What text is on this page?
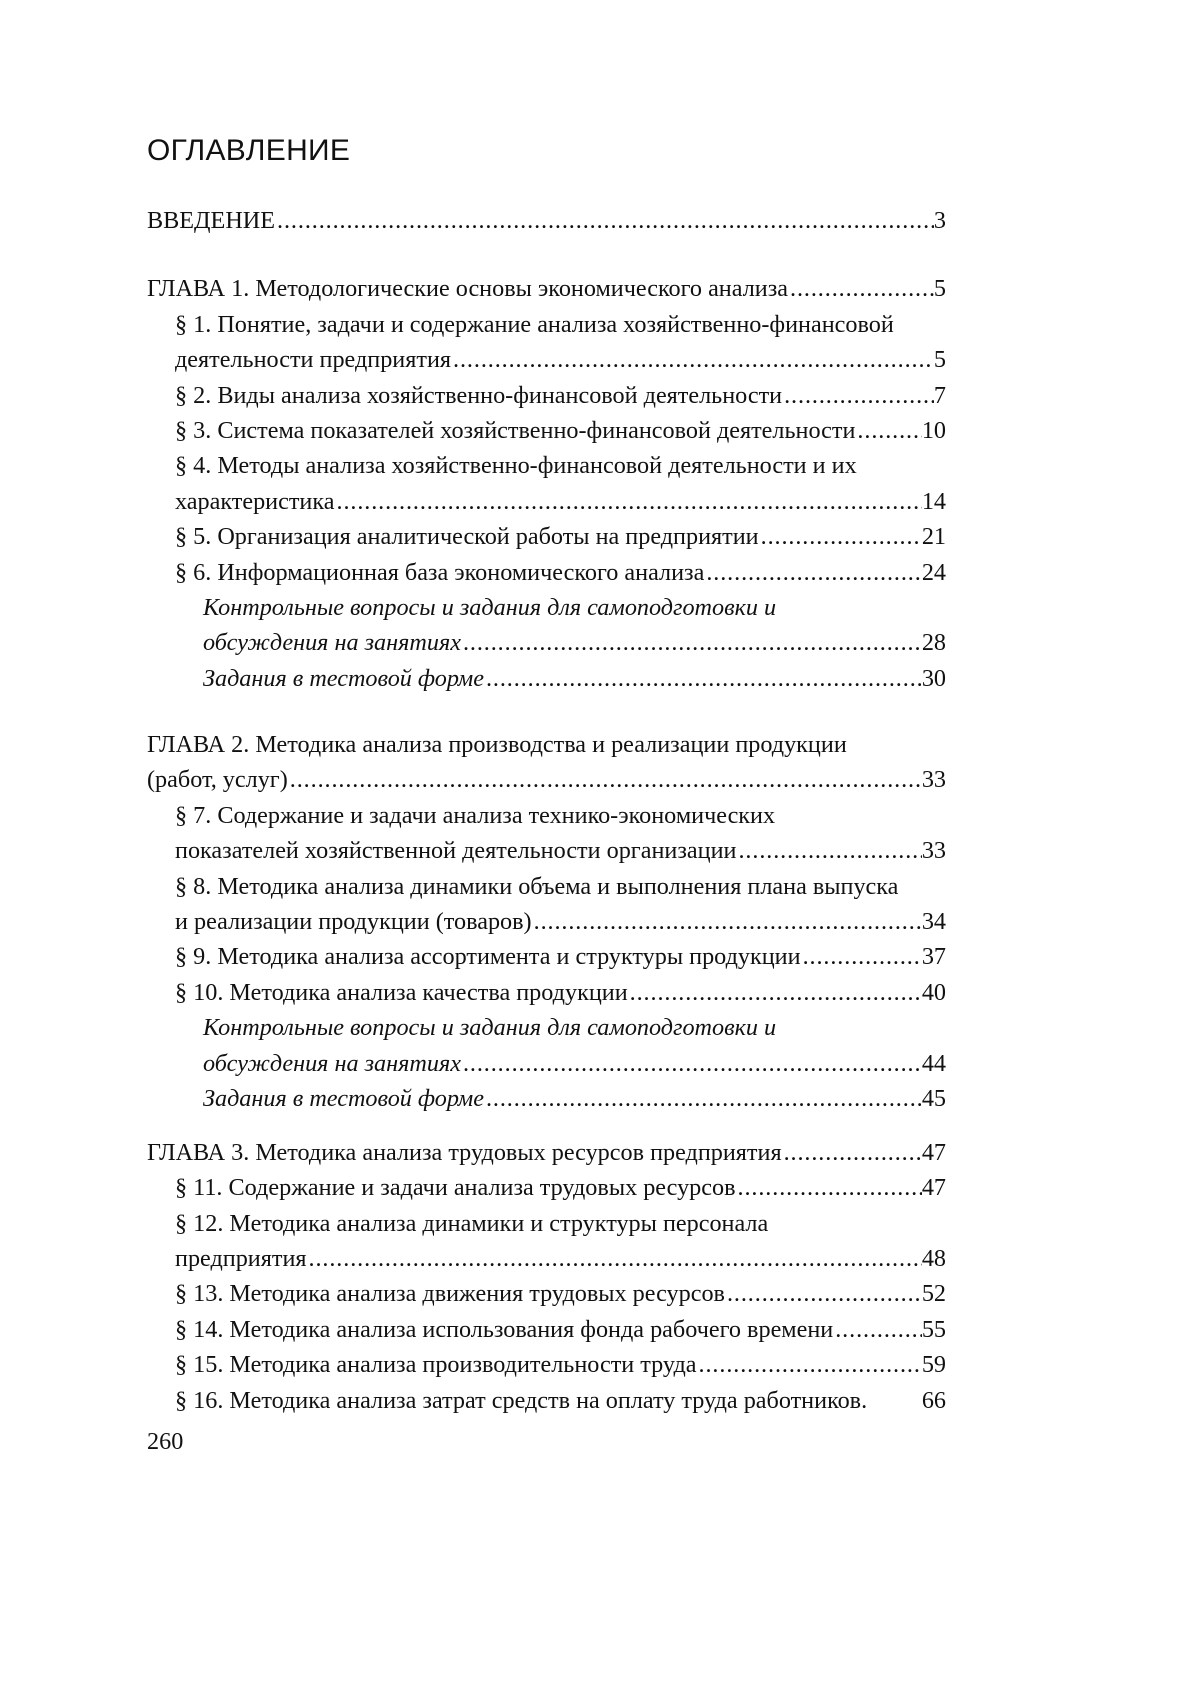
ОГЛАВЛЕНИЕ
ВВЕДЕНИЕ .....	3
ГЛАВА 1. Методологические основы экономического анализа .....	5
§ 1. Понятие, задачи и содержание анализа хозяйственно-финансовой
деятельности предприятия .....	5
§ 2. Виды анализа хозяйственно-финансовой деятельности .....	7
§ 3. Система показателей хозяйственно-финансовой деятельности .....	10
§ 4. Методы анализа хозяйственно-финансовой деятельности и их
характеристика .....	14
§ 5. Организация аналитической работы на предприятии .....	21
§ 6. Информационная база экономического анализа .....	24
Контрольные вопросы и задания для самоподготовки и
обсуждения на занятиях .....	28
Задания в тестовой форме .....	30
ГЛАВА 2. Методика анализа производства и реализации продукции
(работ, услуг) .....	33
§ 7. Содержание и задачи анализа технико-экономических
показателей хозяйственной деятельности организации .....	33
§ 8. Методика анализа динамики объема и выполнения плана выпуска
и реализации продукции (товаров) .....	34
§ 9. Методика анализа ассортимента и структуры продукции .....	37
§ 10. Методика анализа качества продукции .....	40
Контрольные вопросы и задания для самоподготовки и
обсуждения на занятиях .....	44
Задания в тестовой форме .....	45
ГЛАВА 3. Методика анализа трудовых ресурсов предприятия .....	47
§ 11. Содержание и задачи анализа трудовых ресурсов .....	47
§ 12. Методика анализа динамики и структуры персонала
предприятия .....	48
§ 13. Методика анализа движения трудовых ресурсов .....	52
§ 14. Методика анализа использования фонда рабочего времени .....	55
§ 15. Методика анализа производительности труда .....	59
§ 16. Методика анализа затрат средств на оплату труда работников. 66
260
